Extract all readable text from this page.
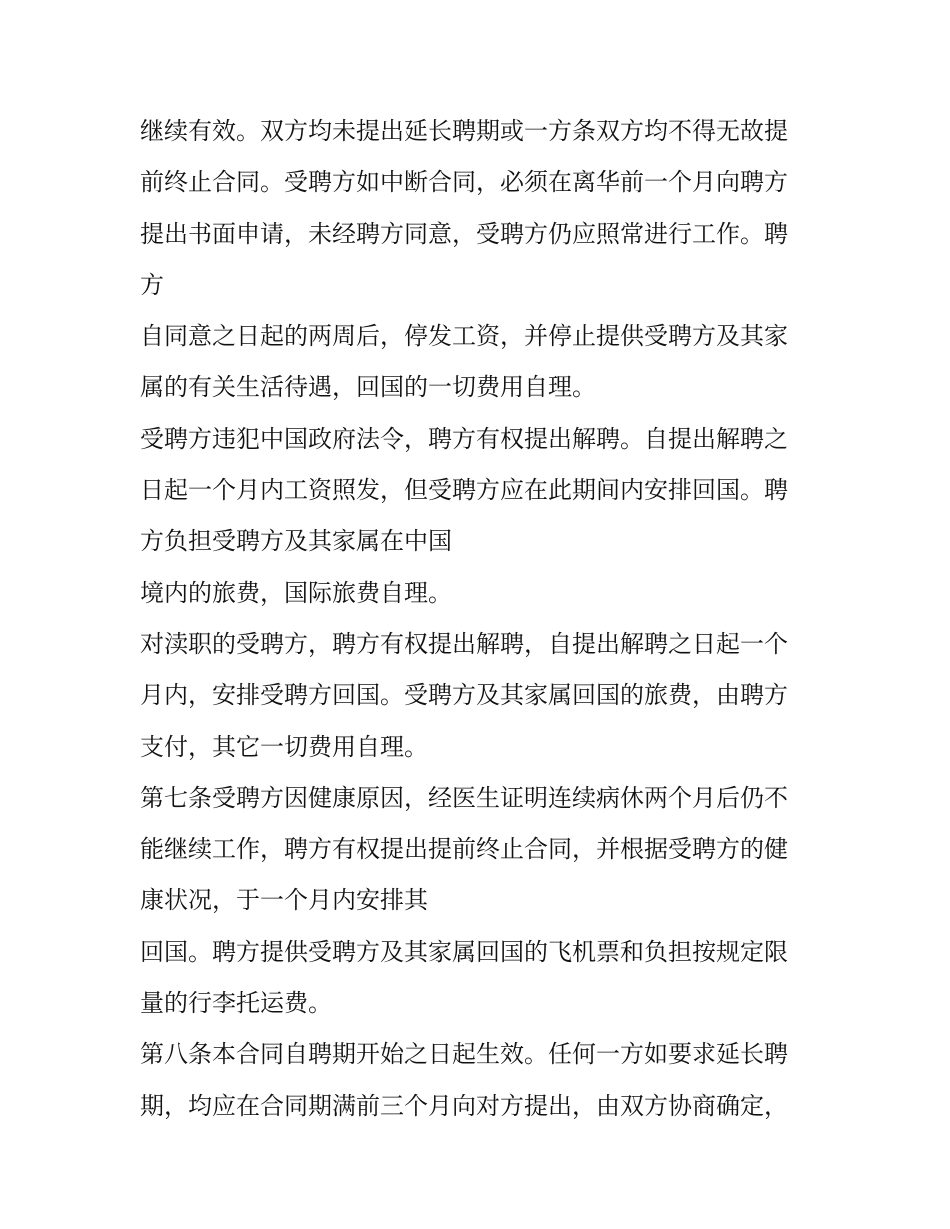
继续有效。双方均未提出延长聘期或一方条双方均不得无故提
前终止合同。受聘方如中断合同，必须在离华前一个月向聘方
提出书面申请，未经聘方同意，受聘方仍应照常进行工作。聘
方
自同意之日起的两周后，停发工资，并停止提供受聘方及其家
属的有关生活待遇，回国的一切费用自理。
受聘方违犯中国政府法令，聘方有权提出解聘。自提出解聘之
日起一个月内工资照发，但受聘方应在此期间内安排回国。聘
方负担受聘方及其家属在中国
境内的旅费，国际旅费自理。
对渎职的受聘方，聘方有权提出解聘，自提出解聘之日起一个
月内，安排受聘方回国。受聘方及其家属回国的旅费，由聘方
支付，其它一切费用自理。
第七条受聘方因健康原因，经医生证明连续病休两个月后仍不
能继续工作，聘方有权提出提前终止合同，并根据受聘方的健
康状况，于一个月内安排其
回国。聘方提供受聘方及其家属回国的飞机票和负担按规定限
量的行李托运费。
第八条本合同自聘期开始之日起生效。任何一方如要求延长聘
期，均应在合同期满前三个月向对方提出，由双方协商确定，
